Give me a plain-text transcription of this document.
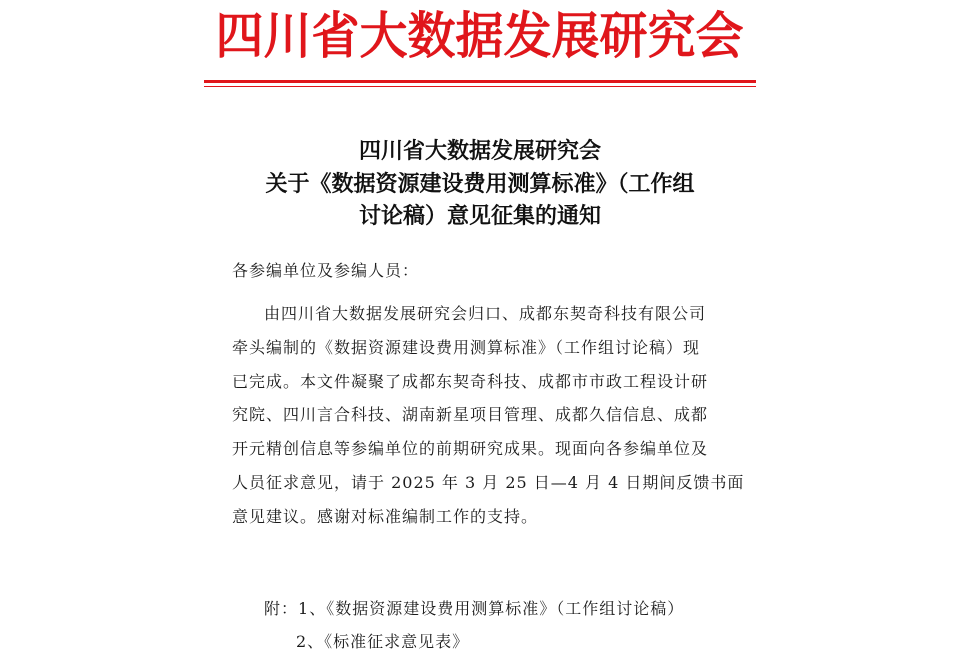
四川省大数据发展研究会
四川省大数据发展研究会
关于《数据资源建设费用测算标准》（工作组
讨论稿）意见征集的通知
各参编单位及参编人员：
由四川省大数据发展研究会归口、成都东契奇科技有限公司
牵头编制的《数据资源建设费用测算标准》（工作组讨论稿）现
已完成。本文件凝聚了成都东契奇科技、成都市市政工程设计研
究院、四川言合科技、湖南新星项目管理、成都久信信息、成都
开元精创信息等参编单位的前期研究成果。现面向各参编单位及
人员征求意见，请于 2025 年 3 月 25 日—4 月 4 日期间反馈书面
意见建议。感谢对标准编制工作的支持。
附：1、《数据资源建设费用测算标准》（工作组讨论稿）
2、《标准征求意见表》
